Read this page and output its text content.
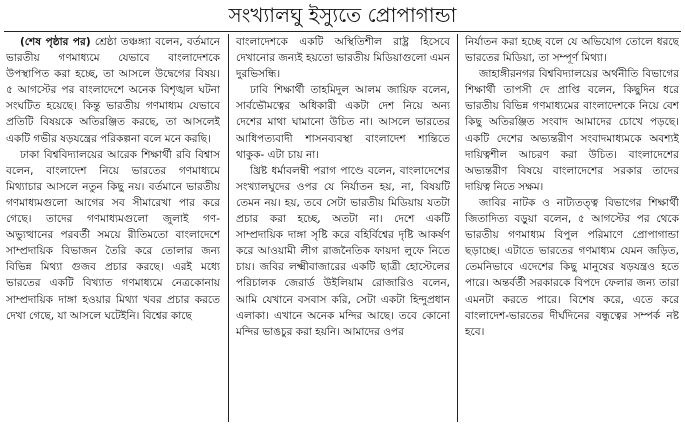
সংখ্যালঘু ইস্যুতে প্রোপাগান্ডা

(শেষ পৃষ্ঠার পর) শ্রেষ্ঠা তঞ্চঙ্গ্যা বলেন, বর্তমানে ভারতীয় গণমাধ্যমে যেভাবে বাংলাদেশকে উপস্থাপিত করা হচ্ছে, তা আসলে উদ্বেগের বিষয়। ৫ আগস্টের পর বাংলাদেশে অনেক বিশৃঙ্খল ঘটনা সংঘটিত হয়েছে। কিন্তু ভারতীয় গণমাধ্যম যেভাবে প্রতিটি বিষয়কে অতিরঞ্জিত করছে, তা আসলেই একটি গভীর ষড়যন্ত্রের পরিকল্পনা বলে মনে করছি।

ঢাকা বিশ্ববিদ্যালয়ের আরেক শিক্ষার্থী রবি বিশ্বাস বলেন, বাংলাদেশ নিয়ে ভারতের গণমাধ্যমে মিথ্যাচার আসলে নতুন কিছু নয়। বর্তমানে ভারতীয় গণমাধ্যমগুলো আগের সব সীমারেখা পার করে গেছে। তাদের গণমাধ্যমগুলো জুলাই গণ-অভ্যুত্থানের পরবর্তী সময়ে রীতিমতো বাংলাদেশে সাম্প্রদায়িক বিভাজন তৈরি করে তোলার জন্য বিভিন্ন মিথ্যা গুজব প্রচার করছে। এরই মধ্যে ভারতের একটি বিখ্যাত গণমাধ্যমে নেত্রকোনায় সাম্প্রদায়িক দাঙ্গা হওয়ার মিথ্যা খবর প্রচার করতে দেখা গেছে, যা আসলে ঘটেইনি। বিশ্বের কাছে

বাংলাদেশকে একটি অস্থিতিশীল রাষ্ট্র হিসেবে দেখানোর জন্যই হয়তো ভারতীয় মিডিয়াগুলো এমন দুরভিসন্ধি।

ঢাবি শিক্ষার্থী তাহমিদুল আলম জায়িফ বলেন, সার্বভৌমত্বের অধিকারী একটা দেশ নিয়ে অন্য দেশের মাথা ঘামানো উচিত না। আসলে ভারতের আধিপত্যবাদী শাসনব্যবস্থা বাংলাদেশ শান্তিতে থাকুক- এটা চায় না।

খ্রিষ্ট ধর্মাবলম্বী পরাগ পাণ্ডে বলেন, বাংলাদেশের সংখ্যালঘুদের ওপর যে নির্যাতন হয়, না, বিষয়টি তেমন নয়। হয়, তবে সেটা ভারতীয় মিডিয়ায় যতটা প্রচার করা হচ্ছে, অতটা না। দেশে একটি সাম্প্রদায়িক দাঙ্গা সৃষ্টি করে বহির্বিশ্বের দৃষ্টি আকর্ষণ করে আওয়ামী লীগ রাজনৈতিক ফায়দা লুফে নিতে চায়। জবির লক্ষ্মীবাজারের একটি ছাত্রী হোস্টেলের পরিচালক জেরার্ড উইলিয়াম রোজারিও বলেন, আমি যেখানে বসবাস করি, সেটা একটা হিন্দুপ্রধান এলাকা। এখানে অনেক মন্দির আছে। তবে কোনো মন্দির ভাঙচুর করা হয়নি। আমাদের ওপর

নির্যাতন করা হচ্ছে বলে যে অভিযোগ তোলে ধরছে ভারতের মিডিয়া, তা সম্পূর্ণ মিথ্যা।

জাহাঙ্গীরনগর বিশ্ববিদ্যালয়ের অর্থনীতি বিভাগের শিক্ষার্থী তাপসী দে প্রাপ্তি বলেন, কিছুদিন ধরে ভারতীয় বিভিন্ন গণমাধ্যমের বাংলাদেশকে নিয়ে বেশ কিছু অতিরঞ্জিত সংবাদ আমাদের চোখে পড়ছে। একটি দেশের অভ্যন্তরীণ সংবাদমাধ্যমকে অবশ্যই দায়িত্বশীল আচরণ করা উচিত। বাংলাদেশের অভ্যন্তরীণ বিষয়ে বাংলাদেশের সরকার তাদের দায়িত্ব নিতে সক্ষম।

জাবির নাটক ও নাট্যতত্ত্ব বিভাগের শিক্ষার্থী জিতাদিত্য বড়ুয়া বলেন, ৫ আগস্টের পর থেকে ভারতীয় গণমাধ্যম বিপুল পরিমাণে প্রোপাগান্ডা ছড়াচ্ছে। এটাতে ভারতের গণমাধ্যম যেমন জড়িত, তেমনিভাবে এদেশের কিছু মানুষের ষড়যন্ত্রও হতে পারে। অন্তর্বর্তী সরকারকে বিপদে ফেলার জন্য তারা এমনটা করতে পারে। বিশেষ করে, এতে করে বাংলাদেশ-ভারতের দীর্ঘদিনের বন্ধুত্বের সম্পর্ক নষ্ট হবে।
